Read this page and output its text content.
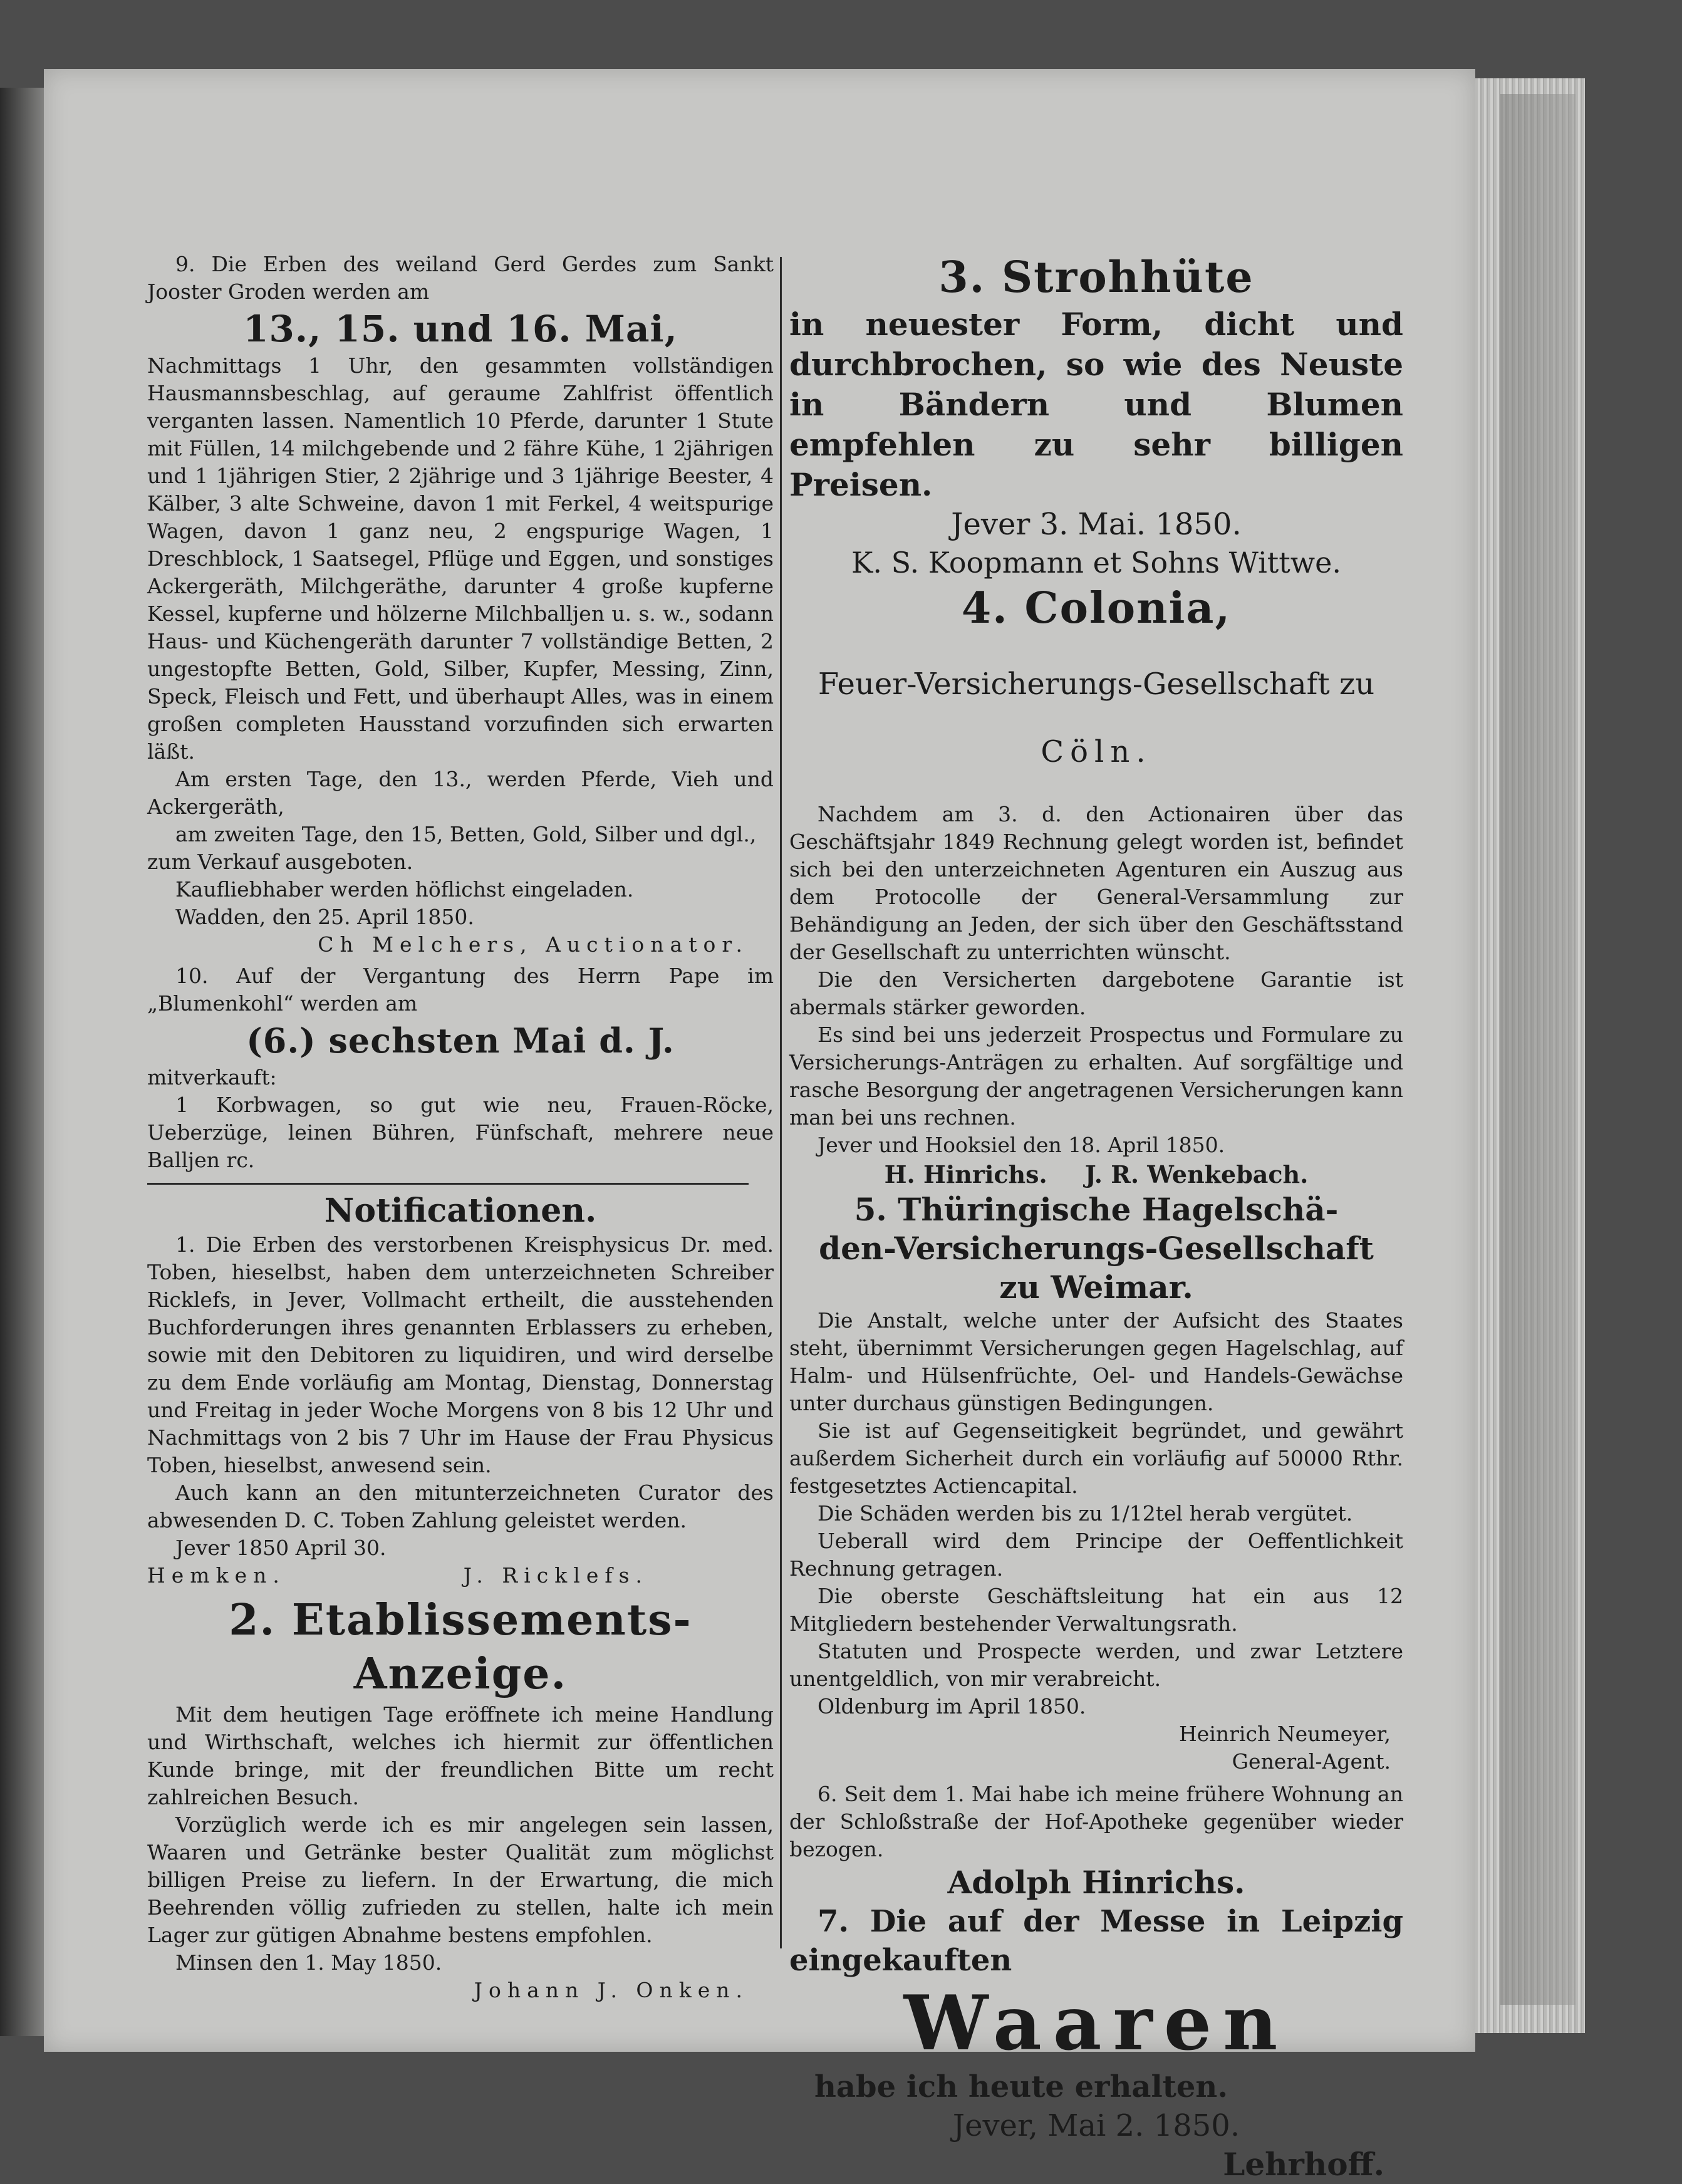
9. Die Erben des weiland Gerd Gerdes zum Sankt Jooster Groden werden am

13., 15. und 16. Mai,

Nachmittags 1 Uhr, den gesammten vollständigen Hausmannsbeschlag, auf geraume Zahlfrist öffentlich verganten lassen. Namentlich 10 Pferde, darunter 1 Stute mit Füllen, 14 milchgebende und 2 fähre Kühe, 1 2jährigen und 1 1jährigen Stier, 2 2jährige und 3 1jährige Beester, 4 Kälber, 3 alte Schweine, davon 1 mit Ferkel, 4 weitspurige Wagen, davon 1 ganz neu, 2 engspurige Wagen, 1 Dreschblock, 1 Saatsegel, Pflüge und Eggen, und sonstiges Ackergeräth, Milchgeräthe, darunter 4 große kupferne Kessel, kupferne und hölzerne Milchballjen u. s. w., sodann Haus- und Küchengeräth darunter 7 vollständige Betten, 2 ungestopfte Betten, Gold, Silber, Kupfer, Messing, Zinn, Speck, Fleisch und Fett, und überhaupt Alles, was in einem großen completen Hausstand vorzufinden sich erwarten läßt.

Am ersten Tage, den 13., werden Pferde, Vieh und Ackergeräth,

am zweiten Tage, den 15, Betten, Gold, Silber und dgl.,

zum Verkauf ausgeboten.

Kaufliebhaber werden höflichst eingeladen.

Wadden, den 25. April 1850.

Ch Melchers, Auctionator.

10. Auf der Vergantung des Herrn Pape im „Blumenkohl“ werden am

(6.) sechsten Mai d. J.

mitverkauft:

1 Korbwagen, so gut wie neu, Frauen-Röcke, Ueberzüge, leinen Bühren, Fünfschaft, mehrere neue Balljen rc.

Notificationen.

1. Die Erben des verstorbenen Kreisphysicus Dr. med. Toben, hieselbst, haben dem unterzeichneten Schreiber Ricklefs, in Jever, Vollmacht ertheilt, die ausstehenden Buchforderungen ihres genannten Erblassers zu erheben, sowie mit den Debitoren zu liquidiren, und wird derselbe zu dem Ende vorläufig am Montag, Dienstag, Donnerstag und Freitag in jeder Woche Morgens von 8 bis 12 Uhr und Nachmittags von 2 bis 7 Uhr im Hause der Frau Physicus Toben, hieselbst, anwesend sein.

Auch kann an den mitunterzeichneten Curator des abwesenden D. C. Toben Zahlung geleistet werden.

Jever 1850 April 30.

Hemken.	J. Ricklefs.

2. Etablissements-

Anzeige.

Mit dem heutigen Tage eröffnete ich meine Handlung und Wirthschaft, welches ich hiermit zur öffentlichen Kunde bringe, mit der freundlichen Bitte um recht zahlreichen Besuch.

Vorzüglich werde ich es mir angelegen sein lassen, Waaren und Getränke bester Qualität zum möglichst billigen Preise zu liefern. In der Erwartung, die mich Beehrenden völlig zufrieden zu stellen, halte ich mein Lager zur gütigen Abnahme bestens empfohlen.

Minsen den 1. May 1850.

Johann J. Onken.

3. Strohhüte

in neuester Form, dicht und durchbrochen, so wie des Neuste in Bändern und Blumen empfehlen zu sehr billigen Preisen.

Jever 3. Mai. 1850.

K. S. Koopmann et Sohns Wittwe.

4. Colonia,

Feuer-Versicherungs-Gesellschaft zu

Cöln.

Nachdem am 3. d. den Actionairen über das Geschäftsjahr 1849 Rechnung gelegt worden ist, befindet sich bei den unterzeichneten Agenturen ein Auszug aus dem Protocolle der General-Versammlung zur Behändigung an Jeden, der sich über den Geschäftsstand der Gesellschaft zu unterrichten wünscht.

Die den Versicherten dargebotene Garantie ist abermals stärker geworden.

Es sind bei uns jederzeit Prospectus und Formulare zu Versicherungs-Anträgen zu erhalten. Auf sorgfältige und rasche Besorgung der angetragenen Versicherungen kann man bei uns rechnen.

Jever und Hooksiel den 18. April 1850.

H. Hinrichs. J. R. Wenkebach.

5. Thüringische Hagelschä-

den-Versicherungs-Gesellschaft

zu Weimar.

Die Anstalt, welche unter der Aufsicht des Staates steht, übernimmt Versicherungen gegen Hagelschlag, auf Halm- und Hülsenfrüchte, Oel- und Handels-Gewächse unter durchaus günstigen Bedingungen.

Sie ist auf Gegenseitigkeit begründet, und gewährt außerdem Sicherheit durch ein vorläufig auf 50000 Rthr. festgesetztes Actiencapital.

Die Schäden werden bis zu 1/12tel herab vergütet.

Ueberall wird dem Principe der Oeffentlichkeit Rechnung getragen.

Die oberste Geschäftsleitung hat ein aus 12 Mitgliedern bestehender Verwaltungsrath.

Statuten und Prospecte werden, und zwar Letztere unentgeldlich, von mir verabreicht.

Oldenburg im April 1850.

Heinrich Neumeyer,

General-Agent.

6. Seit dem 1. Mai habe ich meine frühere Wohnung an der Schloßstraße der Hof-Apotheke gegenüber wieder bezogen.

Adolph Hinrichs.

7. Die auf der Messe in Leipzig eingekauften

Waaren

habe ich heute erhalten.

Jever, Mai 2. 1850.

Lehrhoff.
